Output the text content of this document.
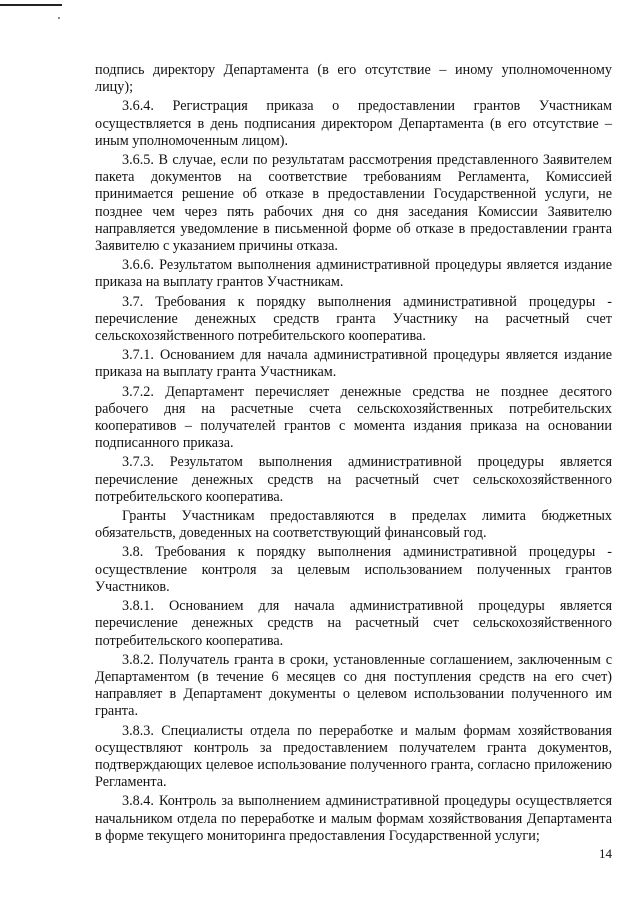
подпись директору Департамента (в его отсутствие – иному уполномоченному лицу);

3.6.4. Регистрация приказа о предоставлении грантов Участникам осуществляется в день подписания директором Департамента (в его отсутствие – иным уполномоченным лицом).

3.6.5. В случае, если по результатам рассмотрения представленного Заявителем пакета документов на соответствие требованиям Регламента, Комиссией принимается решение об отказе в предоставлении Государственной услуги, не позднее чем через пять рабочих дня со дня заседания Комиссии Заявителю направляется уведомление в письменной форме об отказе в предоставлении гранта Заявителю с указанием причины отказа.

3.6.6. Результатом выполнения административной процедуры является издание приказа на выплату грантов Участникам.

3.7. Требования к порядку выполнения административной процедуры - перечисление денежных средств гранта Участнику на расчетный счет сельскохозяйственного потребительского кооператива.

3.7.1. Основанием для начала административной процедуры является издание приказа на выплату гранта Участникам.

3.7.2. Департамент перечисляет денежные средства не позднее десятого рабочего дня на расчетные счета сельскохозяйственных потребительских кооперативов – получателей грантов с момента издания приказа на основании подписанного приказа.

3.7.3. Результатом выполнения административной процедуры является перечисление денежных средств на расчетный счет сельскохозяйственного потребительского кооператива.

Гранты Участникам предоставляются в пределах лимита бюджетных обязательств, доведенных на соответствующий финансовый год.

3.8. Требования к порядку выполнения административной процедуры - осуществление контроля за целевым использованием полученных грантов Участников.

3.8.1. Основанием для начала административной процедуры является перечисление денежных средств на расчетный счет сельскохозяйственного потребительского кооператива.

3.8.2. Получатель гранта в сроки, установленные соглашением, заключенным с Департаментом (в течение 6 месяцев со дня поступления средств на его счет) направляет в Департамент документы о целевом использовании полученного им гранта.

3.8.3. Специалисты отдела по переработке и малым формам хозяйствования осуществляют контроль за предоставлением получателем гранта документов, подтверждающих целевое использование полученного гранта, согласно приложению Регламента.

3.8.4. Контроль за выполнением административной процедуры осуществляется начальником отдела по переработке и малым формам хозяйствования Департамента в форме текущего мониторинга предоставления Государственной услуги;

14
